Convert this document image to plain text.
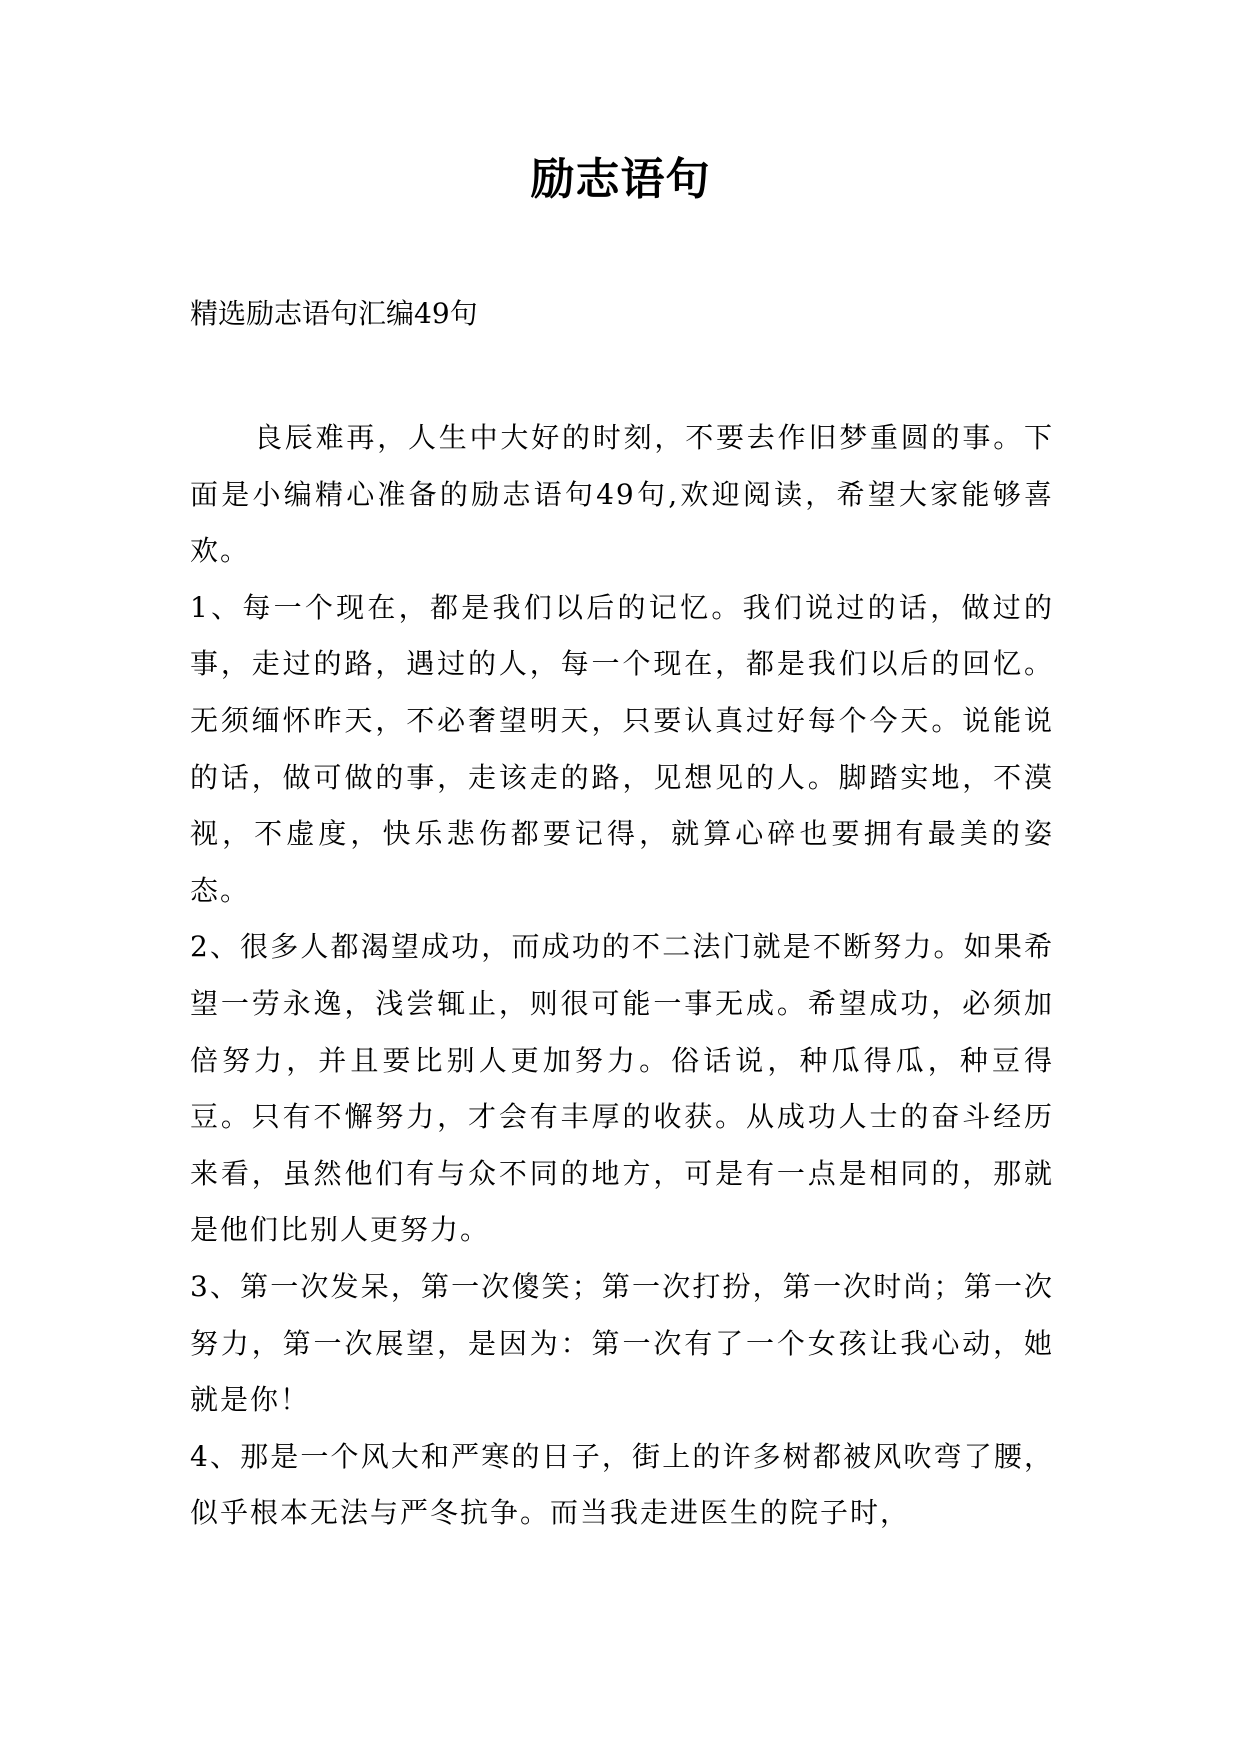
励志语句
精选励志语句汇编49句

良辰难再，人生中大好的时刻，不要去作旧梦重圆的事。下面是小编精心准备的励志语句49句,欢迎阅读，希望大家能够喜欢。

1、每一个现在，都是我们以后的记忆。我们说过的话，做过的事，走过的路，遇过的人，每一个现在，都是我们以后的回忆。无须缅怀昨天，不必奢望明天，只要认真过好每个今天。说能说的话，做可做的事，走该走的路，见想见的人。脚踏实地，不漠视，不虚度，快乐悲伤都要记得，就算心碎也要拥有最美的姿态。

2、很多人都渴望成功，而成功的不二法门就是不断努力。如果希望一劳永逸，浅尝辄止，则很可能一事无成。希望成功，必须加倍努力，并且要比别人更加努力。俗话说，种瓜得瓜，种豆得豆。只有不懈努力，才会有丰厚的收获。从成功人士的奋斗经历来看，虽然他们有与众不同的地方，可是有一点是相同的，那就是他们比别人更努力。

3、第一次发呆，第一次傻笑；第一次打扮，第一次时尚；第一次努力，第一次展望，是因为：第一次有了一个女孩让我心动，她就是你！

4、那是一个风大和严寒的日子，街上的许多树都被风吹弯了腰，似乎根本无法与严冬抗争。而当我走进医生的院子时，
